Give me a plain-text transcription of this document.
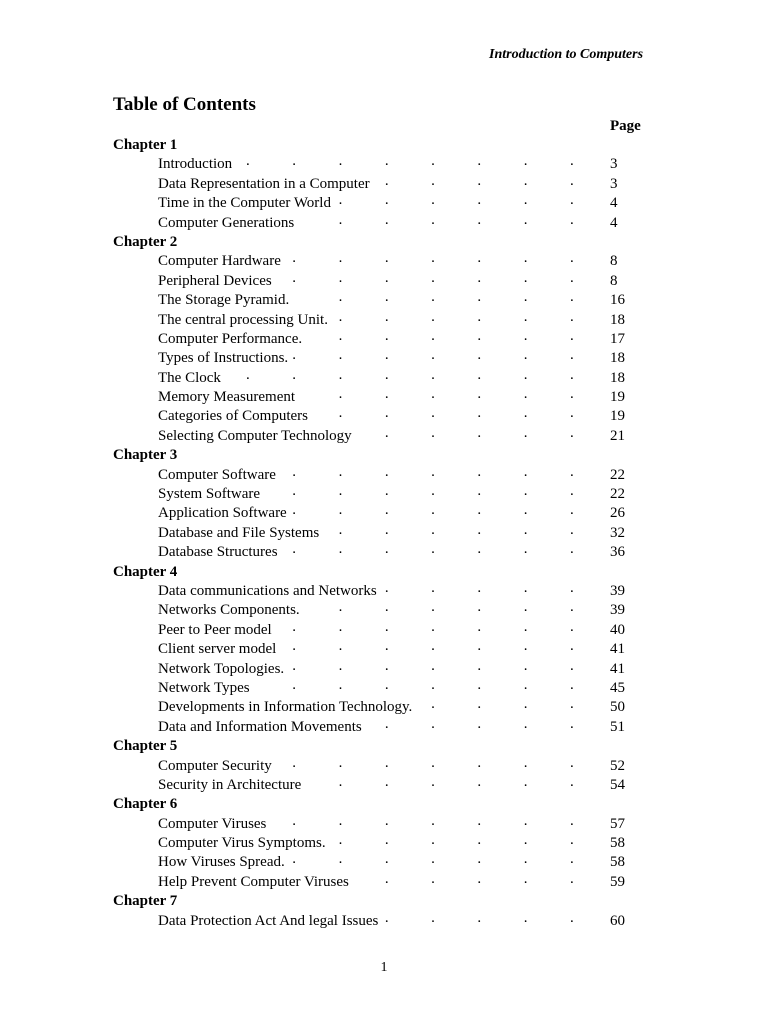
Introduction to Computers
Table of Contents
Page
Chapter 1
.	.	.	.	.	.	.	.
Introduction	3
.	.	.	.	.
Data Representation in a Computer	3
.	.	.	.	.	.
Time in the Computer World	4
.	.	.	.	.	.
Computer Generations	4
Chapter 2
.	.	.	.	.	.	.
Computer Hardware	8
.	.	.	.	.	.	.
Peripheral Devices	8
.	.	.	.	.	.
The Storage Pyramid.	16
.	.	.	.	.	.
The central processing Unit.	18
.	.	.	.	.	.
Computer Performance.	17
.	.	.	.	.	.	.
Types of Instructions.	18
.	.	.	.	.	.	.	.
The Clock	18
.	.	.	.	.	.
Memory Measurement	19
.	.	.	.	.	.
Categories of Computers	19
.	.	.	.	.
Selecting Computer Technology	21
Chapter 3
.	.	.	.	.	.	.
Computer Software	22
.	.	.	.	.	.	.
System Software	22
.	.	.	.	.	.	.
Application Software	26
.	.	.	.	.	.
Database and File Systems	32
.	.	.	.	.	.	.
Database Structures	36
Chapter 4
.	.	.	.	.
Data communications and Networks	39
.	.	.	.	.	.
Networks Components.	39
.	.	.	.	.	.	.
Peer to Peer model	40
.	.	.	.	.	.	.
Client server model	41
.	.	.	.	.	.	.
Network Topologies.	41
.	.	.	.	.	.	.
Network Types	45
.	.	.	.
Developments in Information Technology.	50
.	.	.	.	.
Data and Information Movements	51
Chapter 5
.	.	.	.	.	.	.
Computer Security	52
.	.	.	.	.	.
Security in Architecture	54
Chapter 6
.	.	.	.	.	.	.
Computer Viruses	57
.	.	.	.	.	.
Computer Virus Symptoms.	58
.	.	.	.	.	.	.
How Viruses Spread.	58
.	.	.	.	.
Help Prevent Computer Viruses	59
Chapter 7
.	.	.	.	.
Data Protection Act And legal Issues	60
1
